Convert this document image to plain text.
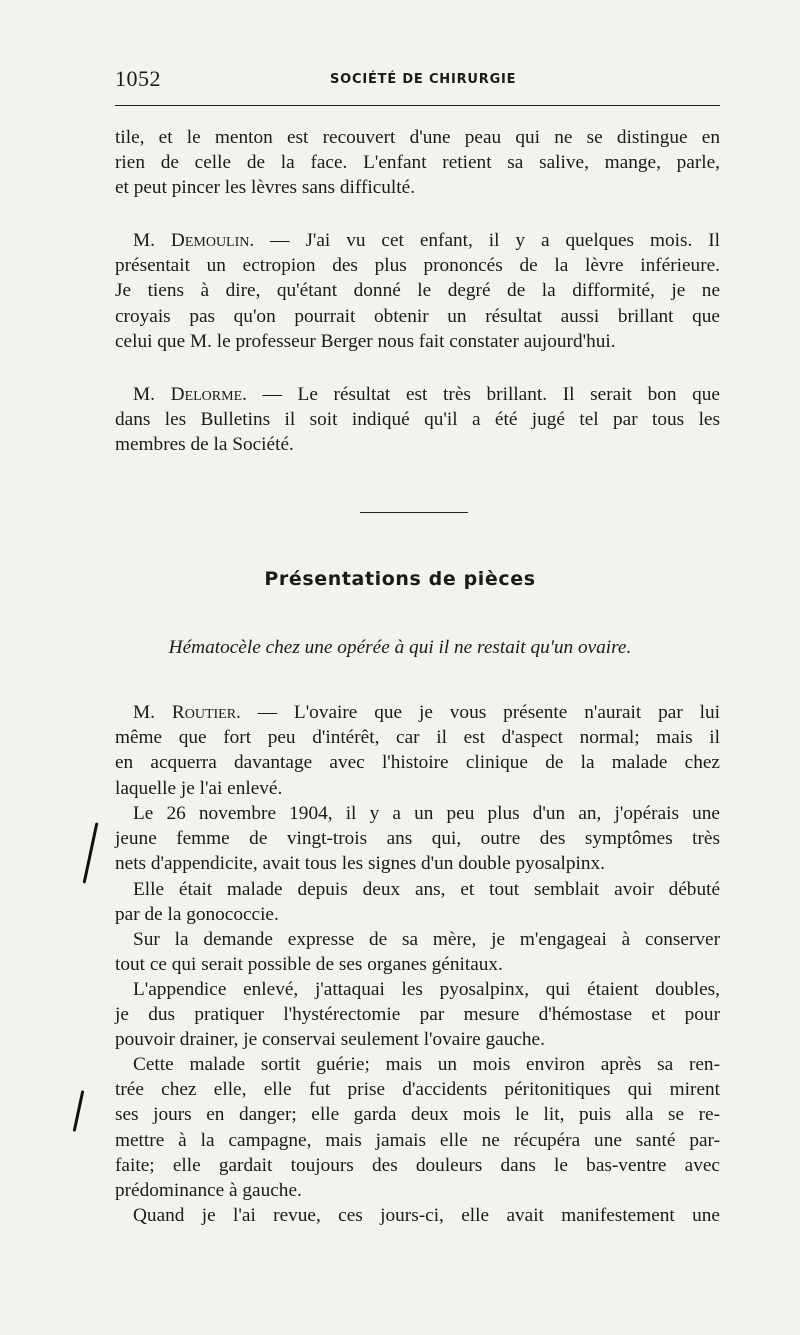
1052	SOCIÉTÉ DE CHIRURGIE
tile, et le menton est recouvert d'une peau qui ne se distingue en
rien de celle de la face. L'enfant retient sa salive, mange, parle,
et peut pincer les lèvres sans difficulté.
M. Demoulin. — J'ai vu cet enfant, il y a quelques mois. Il
présentait un ectropion des plus prononcés de la lèvre inférieure.
Je tiens à dire, qu'étant donné le degré de la difformité, je ne
croyais pas qu'on pourrait obtenir un résultat aussi brillant que
celui que M. le professeur Berger nous fait constater aujourd'hui.
M. Delorme. — Le résultat est très brillant. Il serait bon que
dans les Bulletins il soit indiqué qu'il a été jugé tel par tous les
membres de la Société.
Présentations de pièces
Hématocèle chez une opérée à qui il ne restait qu'un ovaire.
M. Routier. — L'ovaire que je vous présente n'aurait par lui
même que fort peu d'intérêt, car il est d'aspect normal; mais il
en acquerra davantage avec l'histoire clinique de la malade chez
laquelle je l'ai enlevé.
Le 26 novembre 1904, il y a un peu plus d'un an, j'opérais une
jeune femme de vingt-trois ans qui, outre des symptômes très
nets d'appendicite, avait tous les signes d'un double pyosalpinx.
Elle était malade depuis deux ans, et tout semblait avoir débuté
par de la gonococcie.
Sur la demande expresse de sa mère, je m'engageai à conserver
tout ce qui serait possible de ses organes génitaux.
L'appendice enlevé, j'attaquai les pyosalpinx, qui étaient doubles,
je dus pratiquer l'hystérectomie par mesure d'hémostase et pour
pouvoir drainer, je conservai seulement l'ovaire gauche.
Cette malade sortit guérie; mais un mois environ après sa ren-
trée chez elle, elle fut prise d'accidents péritonitiques qui mirent
ses jours en danger; elle garda deux mois le lit, puis alla se re-
mettre à la campagne, mais jamais elle ne récupéra une santé par-
faite; elle gardait toujours des douleurs dans le bas-ventre avec
prédominance à gauche.
Quand je l'ai revue, ces jours-ci, elle avait manifestement une
